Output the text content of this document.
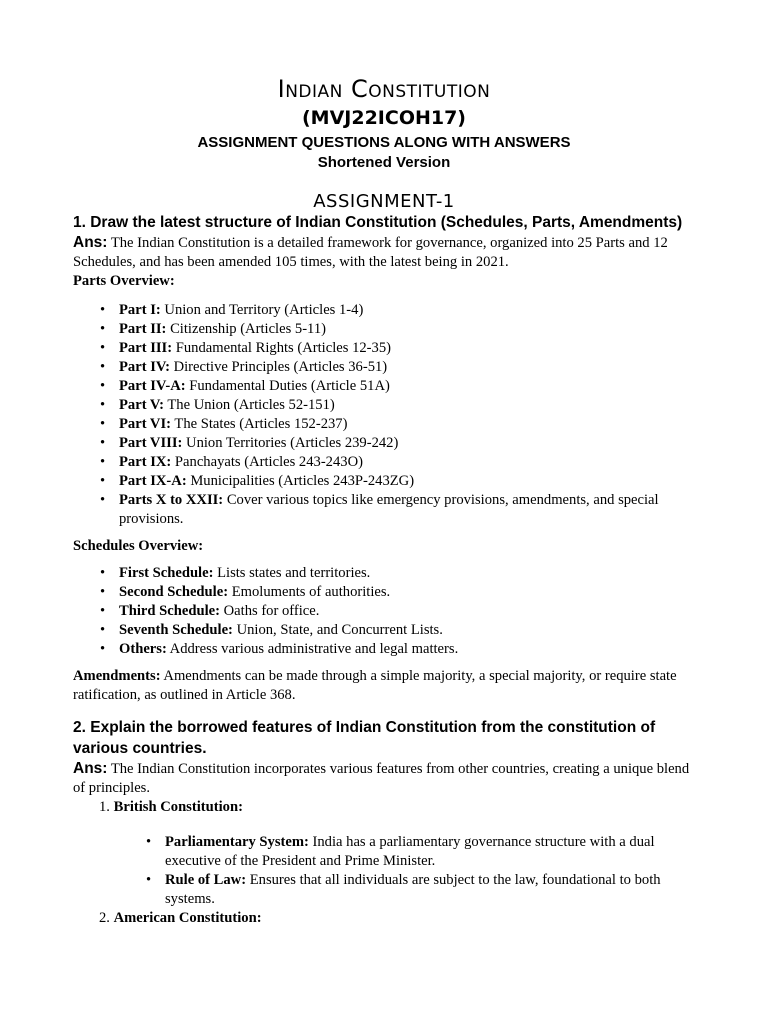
Indian Constitution
(MVJ22ICOH17)
ASSIGNMENT QUESTIONS ALONG WITH ANSWERS
Shortened Version
ASSIGNMENT-1

1. Draw the latest structure of Indian Constitution (Schedules, Parts, Amendments)

Ans: The Indian Constitution is a detailed framework for governance, organized into 25 Parts and 12 Schedules, and has been amended 105 times, with the latest being in 2021.

Parts Overview:

• Part I: Union and Territory (Articles 1-4)
• Part II: Citizenship (Articles 5-11)
• Part III: Fundamental Rights (Articles 12-35)
• Part IV: Directive Principles (Articles 36-51)
• Part IV-A: Fundamental Duties (Article 51A)
• Part V: The Union (Articles 52-151)
• Part VI: The States (Articles 152-237)
• Part VIII: Union Territories (Articles 239-242)
• Part IX: Panchayats (Articles 243-243O)
• Part IX-A: Municipalities (Articles 243P-243ZG)
• Parts X to XXII: Cover various topics like emergency provisions, amendments, and special provisions.

Schedules Overview:

• First Schedule: Lists states and territories.
• Second Schedule: Emoluments of authorities.
• Third Schedule: Oaths for office.
• Seventh Schedule: Union, State, and Concurrent Lists.
• Others: Address various administrative and legal matters.

Amendments: Amendments can be made through a simple majority, a special majority, or require state ratification, as outlined in Article 368.

2. Explain the borrowed features of Indian Constitution from the constitution of various countries.

Ans: The Indian Constitution incorporates various features from other countries, creating a unique blend of principles.

1. British Constitution:

• Parliamentary System: India has a parliamentary governance structure with a dual executive of the President and Prime Minister.
• Rule of Law: Ensures that all individuals are subject to the law, foundational to both systems.

2. American Constitution:
